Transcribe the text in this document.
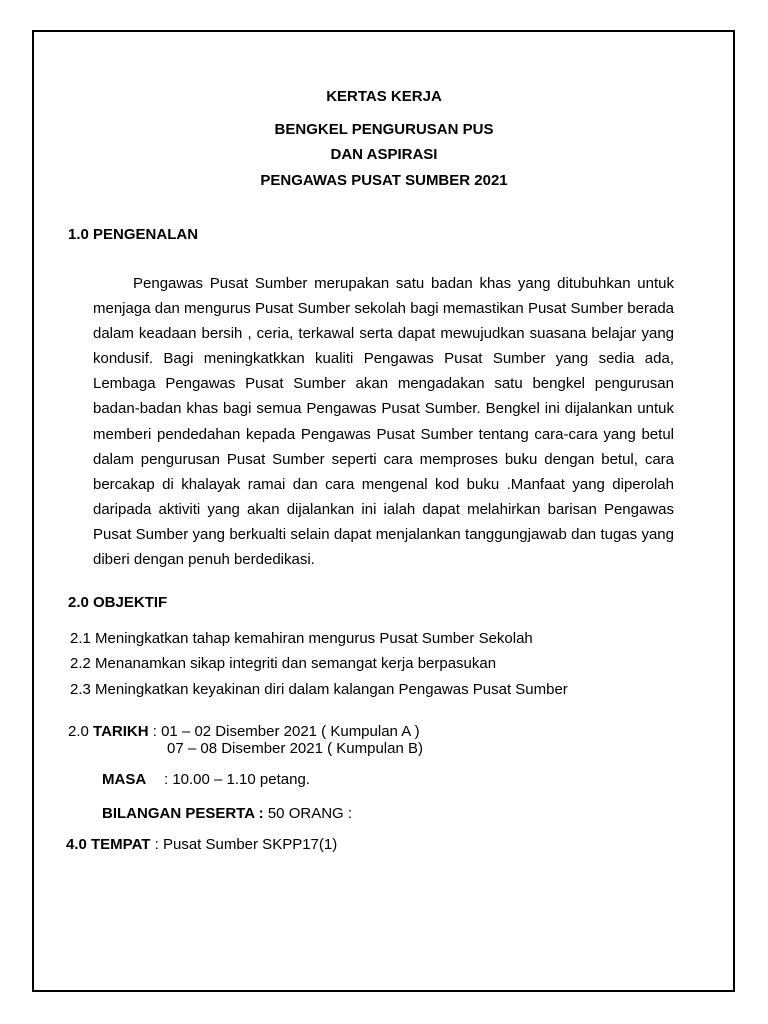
KERTAS KERJA
BENGKEL PENGURUSAN PUS
DAN ASPIRASI
PENGAWAS PUSAT SUMBER 2021
1.0 PENGENALAN
Pengawas Pusat Sumber merupakan satu badan khas yang ditubuhkan untuk menjaga dan mengurus Pusat Sumber sekolah bagi memastikan Pusat Sumber berada dalam keadaan bersih , ceria, terkawal serta dapat mewujudkan suasana belajar yang kondusif. Bagi meningkatkkan kualiti Pengawas Pusat Sumber yang sedia ada, Lembaga Pengawas Pusat Sumber akan mengadakan satu bengkel pengurusan badan-badan khas bagi semua Pengawas Pusat Sumber. Bengkel ini dijalankan untuk memberi pendedahan kepada Pengawas Pusat Sumber tentang cara-cara yang betul dalam pengurusan Pusat Sumber seperti cara memproses buku dengan betul, cara bercakap di khalayak ramai dan cara mengenal kod buku .Manfaat yang diperolah daripada aktiviti yang akan dijalankan ini ialah dapat melahirkan barisan Pengawas Pusat Sumber yang berkualti selain dapat menjalankan tanggungjawab dan tugas yang diberi dengan penuh berdedikasi.
2.0 OBJEKTIF
2.1 Meningkatkan tahap kemahiran mengurus Pusat Sumber Sekolah
2.2 Menanamkan sikap integriti dan semangat kerja berpasukan
2.3 Meningkatkan keyakinan diri dalam kalangan Pengawas Pusat Sumber
2.0 TARIKH : 01 – 02 Disember 2021 ( Kumpulan A )
07 – 08 Disember 2021 ( Kumpulan B)
MASA : 10.00 – 1.10 petang.
BILANGAN PESERTA : 50 ORANG :
4.0 TEMPAT : Pusat Sumber SKPP17(1)
